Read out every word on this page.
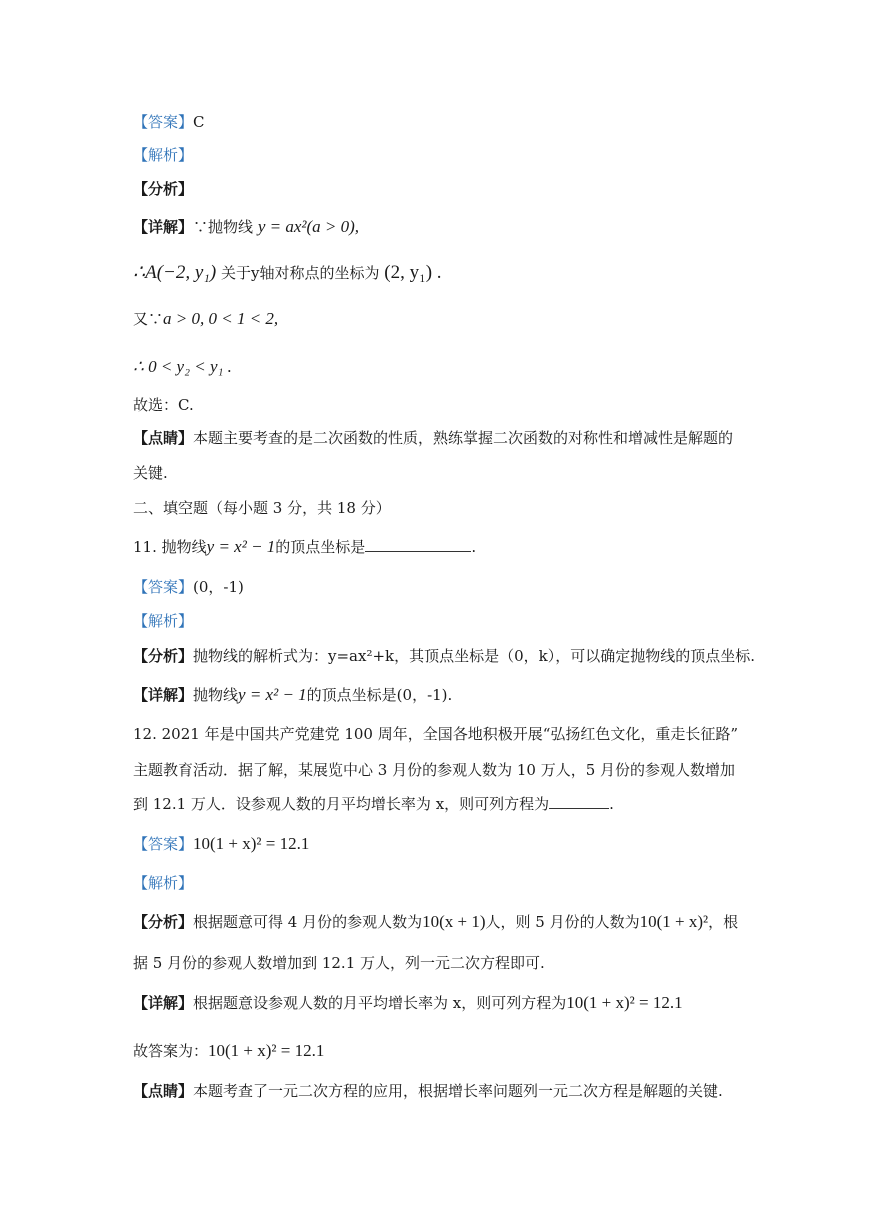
【答案】C
【解析】
【分析】
【详解】∵抛物线 y = ax²(a > 0),
∴A(−2, y₁) 关于y轴对称点的坐标为 (2, y₁) .
又∵a > 0, 0 < 1 < 2,
∴ 0 < y₂ < y₁ .
故选：C.
【点睛】本题主要考查的是二次函数的性质，熟练掌握二次函数的对称性和增减性是解题的
关键.
二、填空题（每小题 3 分，共 18 分）
11. 抛物线y = x² − 1的顶点坐标是	.
【答案】(0，-1)
【解析】
【分析】抛物线的解析式为：y=ax²+k，其顶点坐标是（0，k），可以确定抛物线的顶点坐标.
【详解】抛物线y = x² − 1的顶点坐标是(0，-1).
12. 2021 年是中国共产党建党 100 周年，全国各地积极开展“弘扬红色文化，重走长征路”
主题教育活动．据了解，某展览中心 3 月份的参观人数为 10 万人，5 月份的参观人数增加
到 12.1 万人．设参观人数的月平均增长率为 x，则可列方程为	.
【答案】10(1 + x)² = 12.1
【解析】
【分析】根据题意可得 4 月份的参观人数为10(x + 1)人，则 5 月份的人数为10(1 + x)²，根
据 5 月份的参观人数增加到 12.1 万人，列一元二次方程即可.
【详解】根据题意设参观人数的月平均增长率为 x，则可列方程为10(1 + x)² = 12.1
故答案为：10(1 + x)² = 12.1
【点睛】本题考查了一元二次方程的应用，根据增长率问题列一元二次方程是解题的关键.
